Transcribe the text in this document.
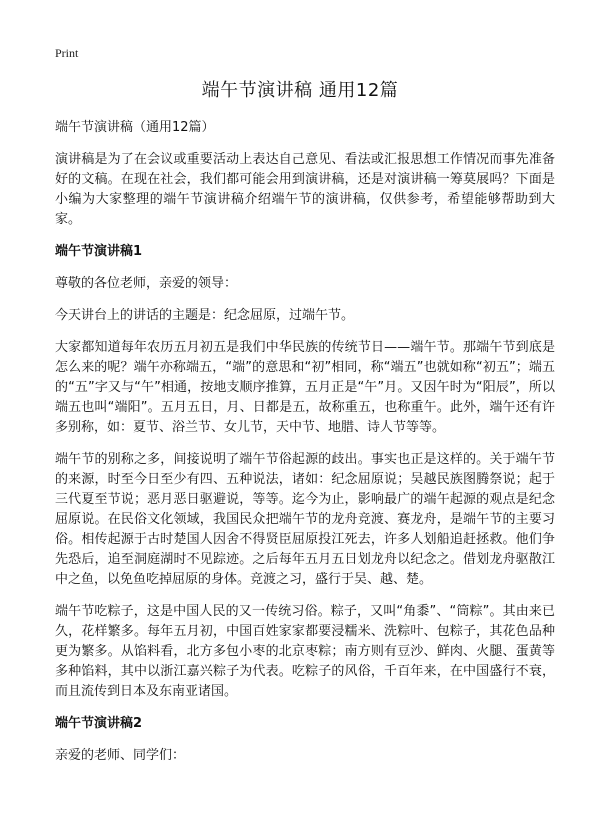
Print
端午节演讲稿 通用12篇

端午节演讲稿（通用12篇）

演讲稿是为了在会议或重要活动上表达自己意见、看法或汇报思想工作情况而事先准备好的文稿。在现在社会，我们都可能会用到演讲稿，还是对演讲稿一筹莫展吗？下面是小编为大家整理的端午节演讲稿介绍端午节的演讲稿，仅供参考，希望能够帮助到大家。

端午节演讲稿1

尊敬的各位老师，亲爱的领导：

今天讲台上的讲话的主题是：纪念屈原，过端午节。

大家都知道每年农历五月初五是我们中华民族的传统节日——端午节。那端午节到底是怎么来的呢？端午亦称端五，“端”的意思和“初”相同，称“端五”也就如称“初五”；端五的“五”字又与“午”相通，按地支顺序推算，五月正是“午”月。又因午时为“阳辰”，所以端五也叫“端阳”。五月五日，月、日都是五，故称重五，也称重午。此外，端午还有许多别称，如：夏节、浴兰节、女儿节，天中节、地腊、诗人节等等。

端午节的别称之多，间接说明了端午节俗起源的歧出。事实也正是这样的。关于端午节的来源，时至今日至少有四、五种说法，诸如：纪念屈原说；吴越民族图腾祭说；起于三代夏至节说；恶月恶日驱避说，等等。迄今为止，影响最广的端午起源的观点是纪念屈原说。在民俗文化领域，我国民众把端午节的龙舟竞渡、赛龙舟，是端午节的主要习俗。相传起源于古时楚国人因舍不得贤臣屈原投江死去，许多人划船追赶拯救。他们争先恐后，追至洞庭湖时不见踪迹。之后每年五月五日划龙舟以纪念之。借划龙舟驱散江中之鱼，以免鱼吃掉屈原的身体。竞渡之习，盛行于吴、越、楚。

端午节吃粽子，这是中国人民的又一传统习俗。粽子，又叫“角黍”、“筒粽”。其由来已久，花样繁多。每年五月初，中国百姓家家都要浸糯米、洗粽叶、包粽子，其花色品种更为繁多。从馅料看，北方多包小枣的北京枣粽；南方则有豆沙、鲜肉、火腿、蛋黄等多种馅料，其中以浙江嘉兴粽子为代表。吃粽子的风俗，千百年来，在中国盛行不衰，而且流传到日本及东南亚诸国。

端午节演讲稿2

亲爱的老师、同学们：
